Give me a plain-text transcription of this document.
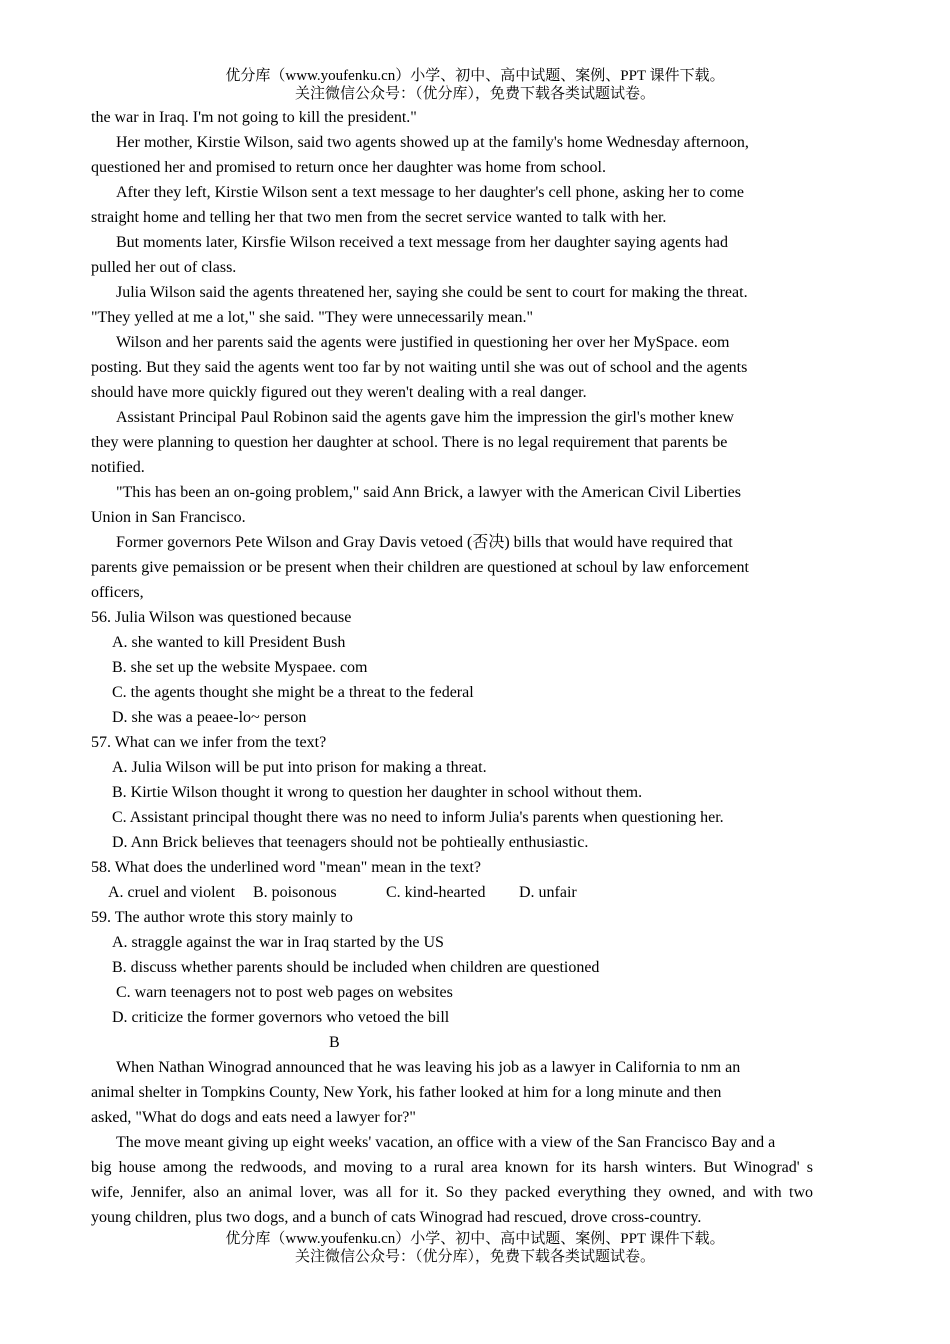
优分库（www.youfenku.cn）小学、初中、高中试题、案例、PPT 课件下载。
关注微信公众号：（优分库），免费下载各类试题试卷。
the war in Iraq. I'm not going to kill the president."
Her mother, Kirstie Wilson, said two agents showed up at the family's home Wednesday afternoon,
questioned her and promised to return once her daughter was home from school.
After they left, Kirstie Wilson sent a text message to her daughter's cell phone, asking her to come
straight home and telling her that two men from the secret service wanted to talk with her.
But moments later, Kirsfie Wilson received a text message from her daughter saying agents had
pulled her out of class.
Julia Wilson said the agents threatened her, saying she could be sent to court for making the threat.
"They yelled at me a lot," she said. "They were unnecessarily mean."
Wilson and her parents said the agents were justified in questioning her over her MySpace. eom
posting. But they said the agents went too far by not waiting until she was out of school and the agents
should have more quickly figured out they weren't dealing with a real danger.
Assistant Principal Paul Robinon said the agents gave him the impression the girl's mother knew
they were planning to question her daughter at school. There is no legal requirement that parents be
notified.
"This has been an on-going problem," said Ann Brick, a lawyer with the American Civil Liberties
Union in San Francisco.
Former governors Pete Wilson and Gray Davis vetoed (否决) bills that would have required that
parents give pemaission or be present when their children are questioned at schoul by law enforcement
officers,
56. Julia Wilson was questioned because
A. she wanted to kill President Bush
B. she set up the website Myspaee. com
C. the agents thought she might be a threat to the federal
D. she was a peaee-lo~ person
57. What can we infer from the text?
A. Julia Wilson will be put into prison for making a threat.
B. Kirtie Wilson thought it wrong to question her daughter in school without them.
C. Assistant principal thought there was no need to inform Julia's parents when questioning her.
D. Ann Brick believes that teenagers should not be pohtieally enthusiastic.
58. What does the underlined word "mean" mean in the text?
A. cruel and violent	B. poisonous	C. kind-hearted	D. unfair
59. The author wrote this story mainly to
A. straggle against the war in Iraq started by the US
B. discuss whether parents should be included when children are questioned
C. warn teenagers not to post web pages on websites
D. criticize the former governors who vetoed the bill
B
When Nathan Winograd announced that he was leaving his job as a lawyer in California to nm an
animal shelter in Tompkins County, New York, his father looked at him for a long minute and then
asked, "What do dogs and eats need a lawyer for?"
The move meant giving up eight weeks' vacation, an office with a view of the San Francisco Bay and a
big house among the redwoods, and moving to a rural area known for its harsh winters. But Winograd' s
wife, Jennifer, also an animal lover, was all for it. So they packed everything they owned, and with two
young children, plus two dogs, and a bunch of cats Winograd had rescued, drove cross-country.
优分库（www.youfenku.cn）小学、初中、高中试题、案例、PPT 课件下载。
关注微信公众号：（优分库），免费下载各类试题试卷。
